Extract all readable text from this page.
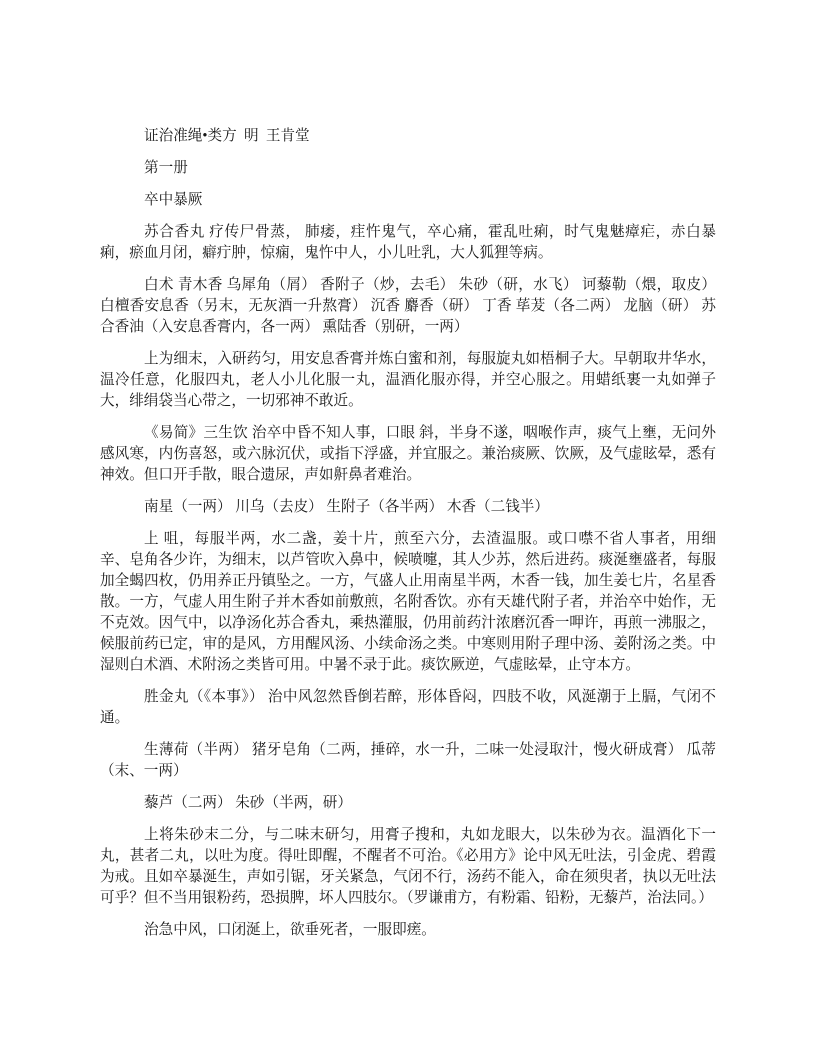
证治准绳•类方  明  王肯堂

第一册

卒中暴厥

苏合香丸 疗传尸骨蒸， 肺痿，疰忤鬼气，卒心痛，霍乱吐痢，时气鬼魅瘴疟，赤白暴痢，瘀血月闭，癖疔肿，惊痫，鬼忤中人，小儿吐乳，大人狐狸等病。

白术 青木香 乌犀角（屑） 香附子（炒，去毛） 朱砂（研，水飞） 诃藜勒（煨，取皮） 白檀香安息香（另末，无灰酒一升熬膏） 沉香 麝香（研） 丁香 荜茇（各二两） 龙脑（研） 苏合香油（入安息香膏内，各一两） 熏陆香（别研，一两）

上为细末，入研药匀，用安息香膏并炼白蜜和剂，每服旋丸如梧桐子大。早朝取井华水，温冷任意，化服四丸，老人小儿化服一丸，温酒化服亦得，并空心服之。用蜡纸裹一丸如弹子大，绯绢袋当心带之，一切邪神不敢近。

《易简》三生饮 治卒中昏不知人事，口眼 斜，半身不遂，咽喉作声，痰气上壅，无问外感风寒，内伤喜怒，或六脉沉伏，或指下浮盛，并宜服之。兼治痰厥、饮厥，及气虚眩晕，悉有神效。但口开手散，眼合遗尿，声如鼾鼻者难治。

南星（一两） 川乌（去皮） 生附子（各半两） 木香（二钱半）

上 咀，每服半两，水二盏，姜十片，煎至六分，去渣温服。或口噤不省人事者，用细辛、皂角各少许，为细末，以芦管吹入鼻中，候喷嚏，其人少苏，然后进药。痰涎壅盛者，每服加全蝎四枚，仍用养正丹镇坠之。一方，气盛人止用南星半两，木香一钱，加生姜七片，名星香散。一方，气虚人用生附子并木香如前敷煎，名附香饮。亦有天雄代附子者，并治卒中始作，无不克效。因气中，以净汤化苏合香丸，乘热灌服，仍用前药汁浓磨沉香一呷许，再煎一沸服之，候服前药已定，审的是风，方用醒风汤、小续命汤之类。中寒则用附子理中汤、姜附汤之类。中湿则白术酒、术附汤之类皆可用。中暑不录于此。痰饮厥逆，气虚眩晕，止守本方。

胜金丸（《本事》） 治中风忽然昏倒若醉，形体昏闷，四肢不收，风涎潮于上膈，气闭不通。

生薄荷（半两） 猪牙皂角（二两，捶碎，水一升，二味一处浸取汁，慢火研成膏） 瓜蒂（末、一两）

藜芦（二两） 朱砂（半两，研）

上将朱砂末二分，与二味末研匀，用膏子搜和，丸如龙眼大，以朱砂为衣。温酒化下一丸，甚者二丸，以吐为度。得吐即醒，不醒者不可治。《必用方》论中风无吐法，引金虎、碧霞为戒。且如卒暴涎生，声如引锯，牙关紧急，气闭不行，汤药不能入，命在须臾者，执以无吐法可乎？但不当用银粉药，恐损脾，坏人四肢尔。（罗谦甫方，有粉霜、铅粉，无藜芦，治法同。）

治急中风，口闭涎上，欲垂死者，一服即瘥。
